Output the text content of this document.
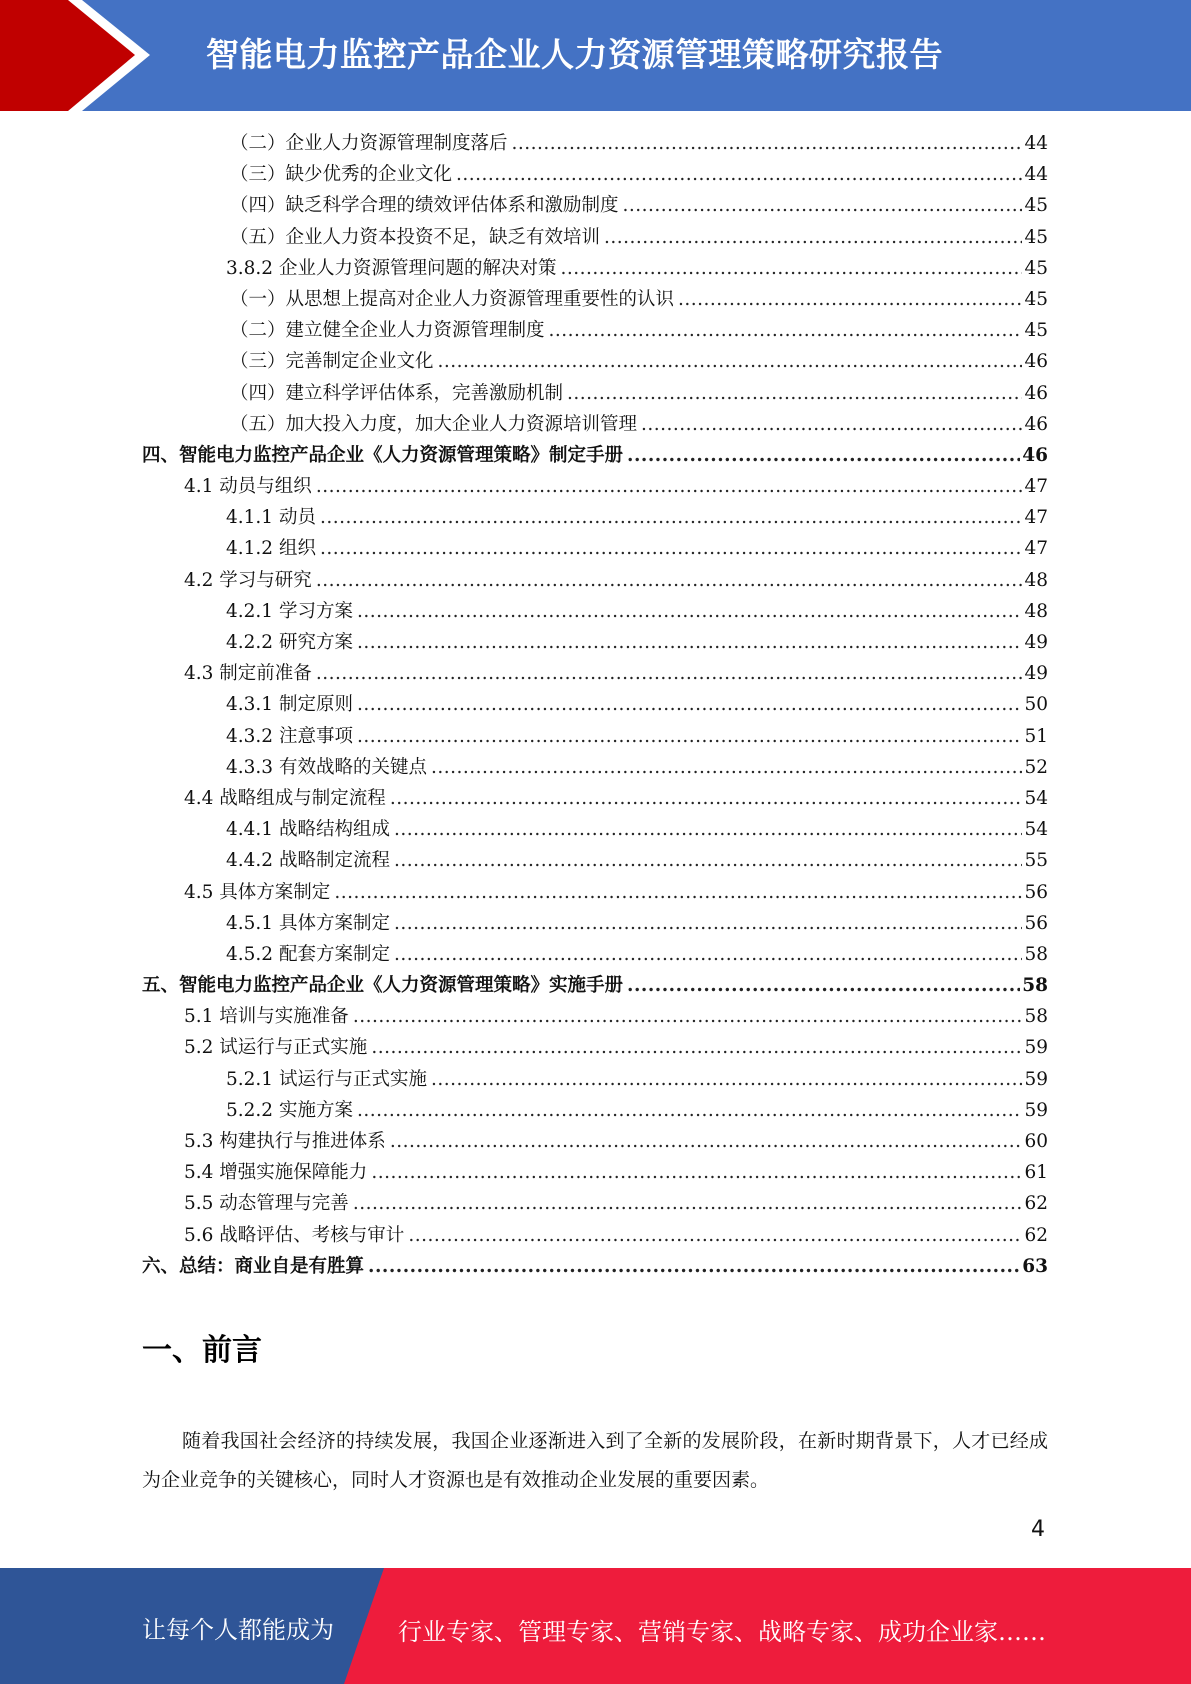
智能电力监控产品企业人力资源管理策略研究报告
（二）企业人力资源管理制度落后 .....	44
（三）缺少优秀的企业文化 .....	44
（四）缺乏科学合理的绩效评估体系和激励制度 .....	45
（五）企业人力资本投资不足，缺乏有效培训 .....	45
3.8.2 企业人力资源管理问题的解决对策 .....	45
（一）从思想上提高对企业人力资源管理重要性的认识 .....	45
（二）建立健全企业人力资源管理制度 .....	45
（三）完善制定企业文化 .....	46
（四）建立科学评估体系，完善激励机制 .....	46
（五）加大投入力度，加大企业人力资源培训管理 .....	46
四、智能电力监控产品企业《人力资源管理策略》制定手册 .....	46
4.1 动员与组织 .....	47
4.1.1 动员 .....	47
4.1.2 组织 .....	47
4.2 学习与研究 .....	48
4.2.1 学习方案 .....	48
4.2.2 研究方案 .....	49
4.3 制定前准备 .....	49
4.3.1 制定原则 .....	50
4.3.2 注意事项 .....	51
4.3.3 有效战略的关键点 .....	52
4.4 战略组成与制定流程 .....	54
4.4.1 战略结构组成 .....	54
4.4.2 战略制定流程 .....	55
4.5 具体方案制定 .....	56
4.5.1 具体方案制定 .....	56
4.5.2 配套方案制定 .....	58
五、智能电力监控产品企业《人力资源管理策略》实施手册 .....	58
5.1 培训与实施准备 .....	58
5.2 试运行与正式实施 .....	59
5.2.1 试运行与正式实施 .....	59
5.2.2 实施方案 .....	59
5.3 构建执行与推进体系 .....	60
5.4 增强实施保障能力 .....	61
5.5 动态管理与完善 .....	62
5.6 战略评估、考核与审计 .....	62
六、总结：商业自是有胜算 .....	63
一、前言
随着我国社会经济的持续发展，我国企业逐渐进入到了全新的发展阶段，在新时期背景下，人才已经成为企业竞争的关键核心，同时人才资源也是有效推动企业发展的重要因素。
4
让每个人都能成为	行业专家、管理专家、营销专家、战略专家、成功企业家……
